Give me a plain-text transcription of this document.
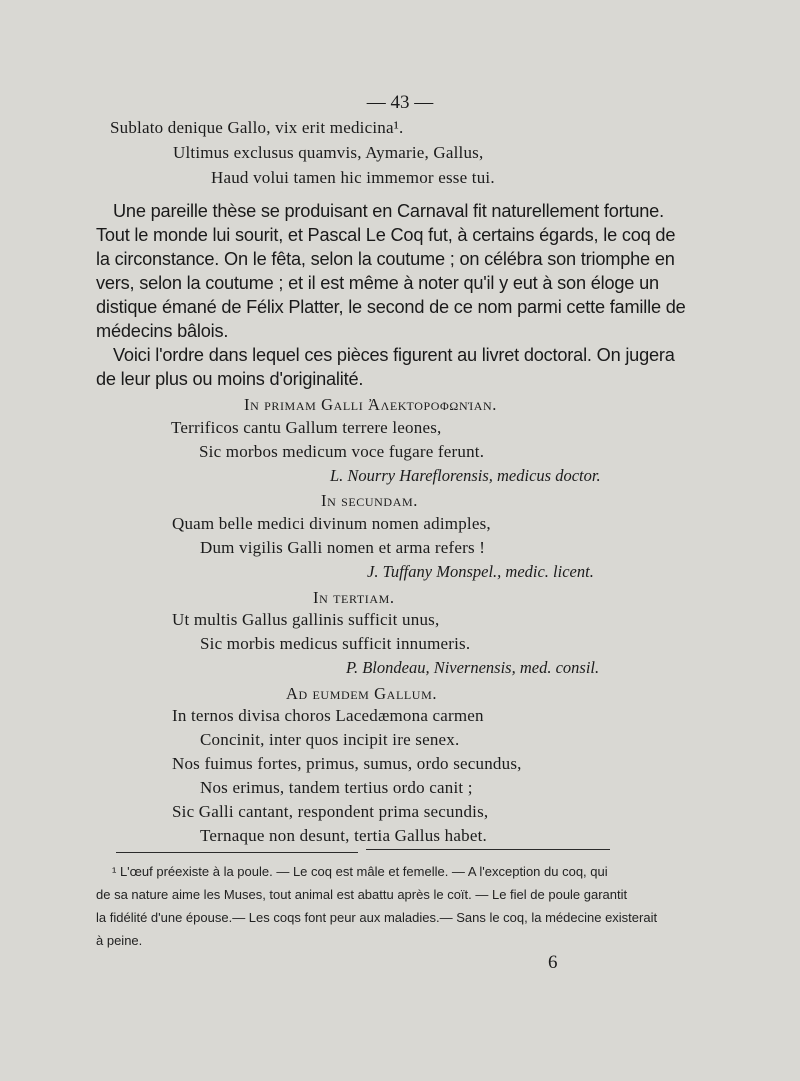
— 43 —
Sublato denique Gallo, vix erit medicina¹.
Ultimus exclusus quamvis, Aymarie, Gallus,
Haud volui tamen hic immemor esse tui.
Une pareille thèse se produisant en Carnaval fit naturellement fortune.
Tout le monde lui sourit, et Pascal Le Coq fut, à certains égards, le coq de
la circonstance. On le fêta, selon la coutume ; on célébra son triomphe en
vers, selon la coutume ; et il est même à noter qu'il y eut à son éloge un
distique émané de Félix Platter, le second de ce nom parmi cette famille de
médecins bâlois.
Voici l'ordre dans lequel ces pièces figurent au livret doctoral. On jugera
de leur plus ou moins d'originalité.
In primam Galli Ἀλεκτοροφωνίαν.
Terrificos cantu Gallum terrere leones,
Sic morbos medicum voce fugare ferunt.
L. Nourry Hareflorensis, medicus doctor.
In secundam.
Quam belle medici divinum nomen adimples,
Dum vigilis Galli nomen et arma refers !
J. Tuffany Monspel., medic. licent.
In tertiam.
Ut multis Gallus gallinis sufficit unus,
Sic morbis medicus sufficit innumeris.
P. Blondeau, Nivernensis, med. consil.
Ad eumdem Gallum.
In ternos divisa choros Lacedæmona carmen
Concinit, inter quos incipit ire senex.
Nos fuimus fortes, primus, sumus, ordo secundus,
Nos erimus, tandem tertius ordo canit ;
Sic Galli cantant, respondent prima secundis,
Ternaque non desunt, tertia Gallus habet.
¹ L'œuf préexiste à la poule. — Le coq est mâle et femelle. — A l'exception du coq, qui
de sa nature aime les Muses, tout animal est abattu après le coït. — Le fiel de poule garantit
la fidélité d'une épouse.— Les coqs font peur aux maladies.— Sans le coq, la médecine existerait
à peine.
6
